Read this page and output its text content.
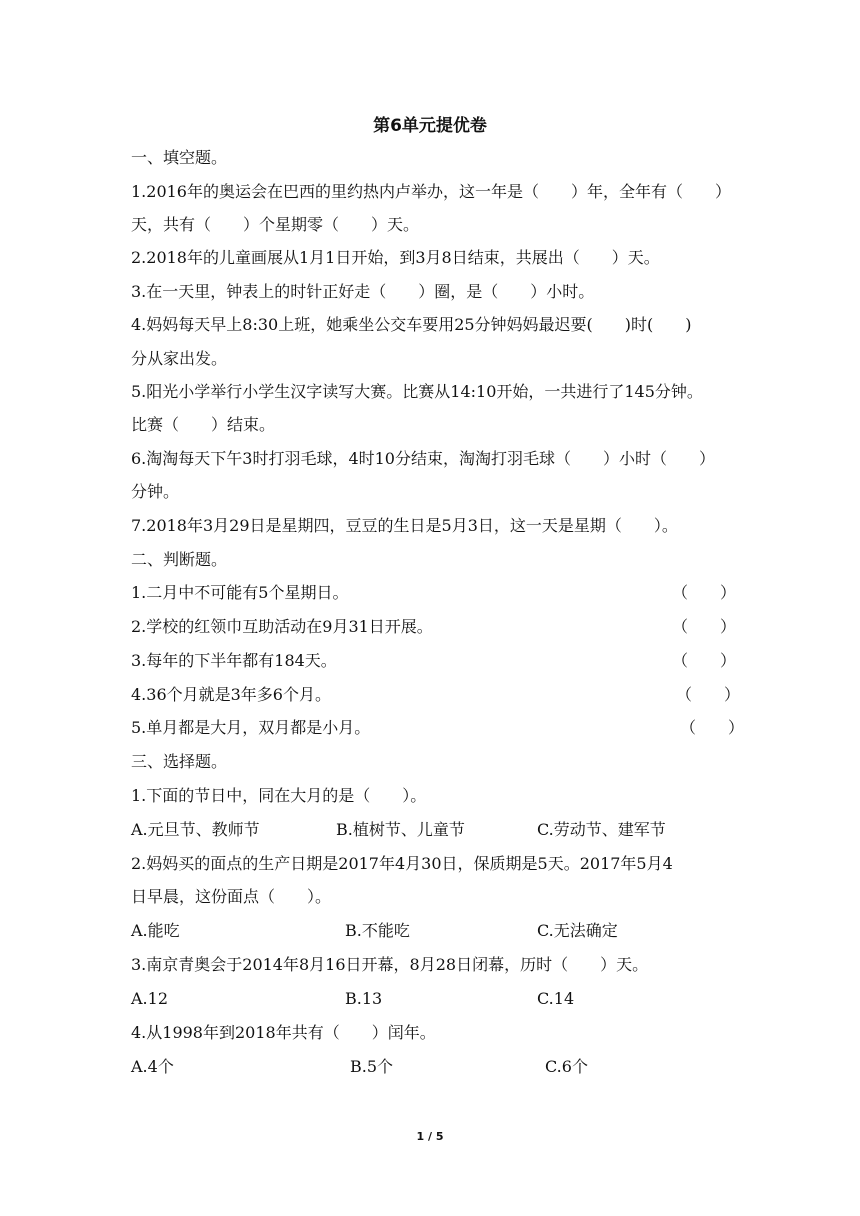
第6单元提优卷
一、填空题。
1.2016年的奥运会在巴西的里约热内卢举办，这一年是（　　）年，全年有（　　）
天，共有（　　）个星期零（　　）天。
2.2018年的儿童画展从1月1日开始，到3月8日结束，共展出（　　）天。
3.在一天里，钟表上的时针正好走（　　）圈，是（　　）小时。
4.妈妈每天早上8:30上班，她乘坐公交车要用25分钟妈妈最迟要(　　)时(　　)
分从家出发。
5.阳光小学举行小学生汉字读写大赛。比赛从14:10开始，一共进行了145分钟。
比赛（　　）结束。
6.淘淘每天下午3时打羽毛球，4时10分结束，淘淘打羽毛球（　　）小时（　　）
分钟。
7.2018年3月29日是星期四，豆豆的生日是5月3日，这一天是星期（　　）。
二、判断题。
1.二月中不可能有5个星期日。	（　　）
2.学校的红领巾互助活动在9月31日开展。	（　　）
3.每年的下半年都有184天。	（　　）
4.36个月就是3年多6个月。	（　　）
5.单月都是大月，双月都是小月。	（　　）
三、选择题。
1.下面的节日中，同在大月的是（　　）。
A.元旦节、教师节	B.植树节、儿童节	C.劳动节、建军节
2.妈妈买的面点的生产日期是2017年4月30日，保质期是5天。2017年5月4
日早晨，这份面点（　　）。
A.能吃	B.不能吃	C.无法确定
3.南京青奥会于2014年8月16日开幕，8月28日闭幕，历时（　　）天。
A.12	B.13	C.14
4.从1998年到2018年共有（　　）闰年。
A.4个	B.5个	C.6个
1 / 5
